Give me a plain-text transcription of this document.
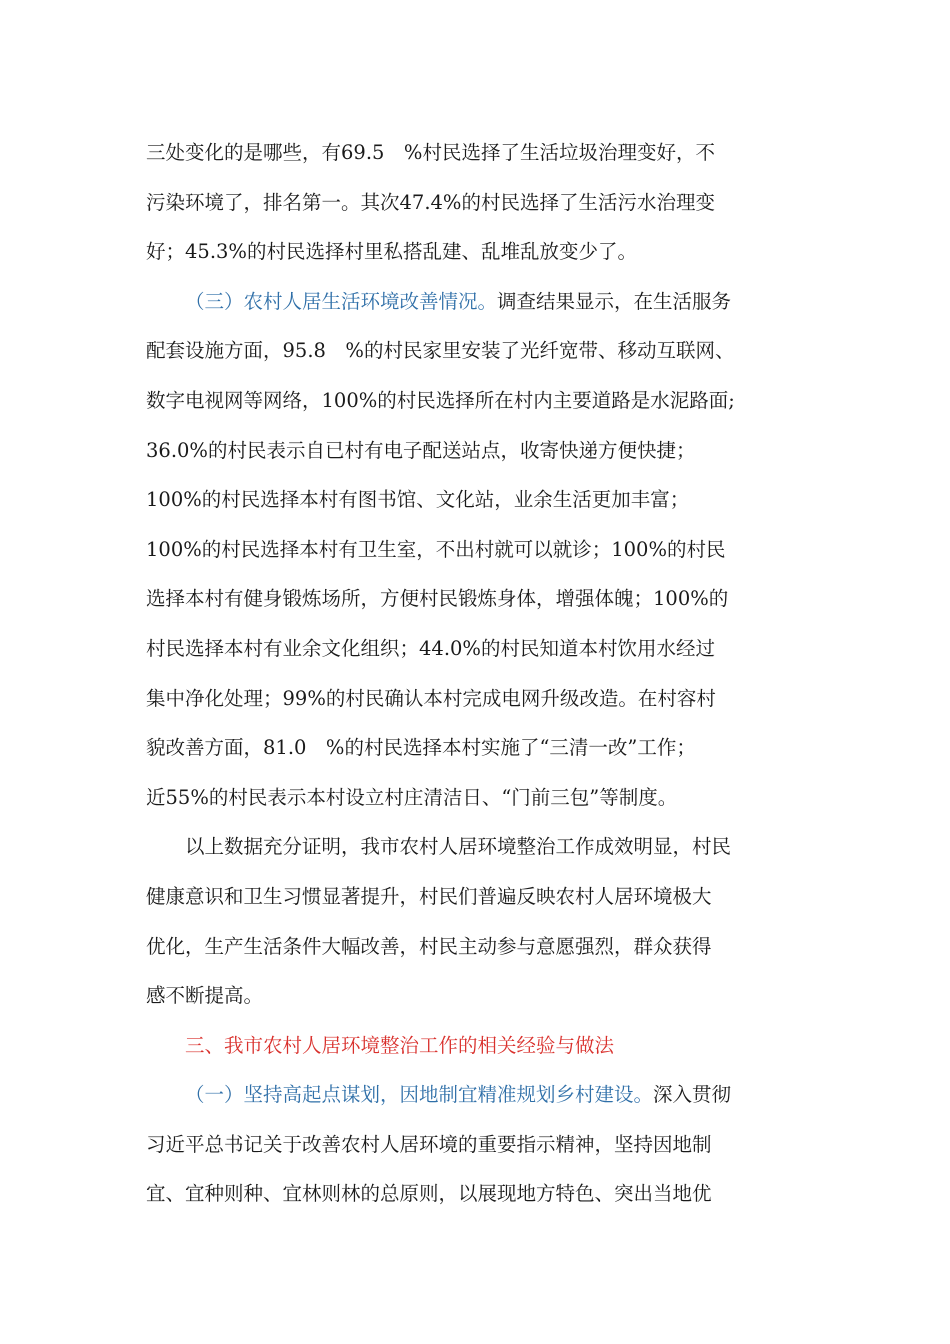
三处变化的是哪些，有69.5　%村民选择了生活垃圾治理变好，不
污染环境了，排名第一。其次47.4%的村民选择了生活污水治理变
好；45.3%的村民选择村里私搭乱建、乱堆乱放变少了。
（三）农村人居生活环境改善情况。调查结果显示，在生活服务
配套设施方面，95.8　%的村民家里安装了光纤宽带、移动互联网、
数字电视网等网络，100%的村民选择所在村内主要道路是水泥路面;
36.0%的村民表示自已村有电子配送站点，收寄快递方便快捷；
100%的村民选择本村有图书馆、文化站，业余生活更加丰富；
100%的村民选择本村有卫生室，不出村就可以就诊；100%的村民
选择本村有健身锻炼场所，方便村民锻炼身体，增强体魄；100%的
村民选择本村有业余文化组织；44.0%的村民知道本村饮用水经过
集中净化处理；99%的村民确认本村完成电网升级改造。在村容村
貌改善方面，81.0　%的村民选择本村实施了“三清一改”工作；
近55%的村民表示本村设立村庄清洁日、“门前三包”等制度。
以上数据充分证明，我市农村人居环境整治工作成效明显，村民
健康意识和卫生习惯显著提升，村民们普遍反映农村人居环境极大
优化，生产生活条件大幅改善，村民主动参与意愿强烈，群众获得
感不断提高。
三、我市农村人居环境整治工作的相关经验与做法
（一）坚持高起点谋划，因地制宜精准规划乡村建设。深入贯彻
习近平总书记关于改善农村人居环境的重要指示精神，坚持因地制
宜、宜种则种、宜林则林的总原则，以展现地方特色、突出当地优
